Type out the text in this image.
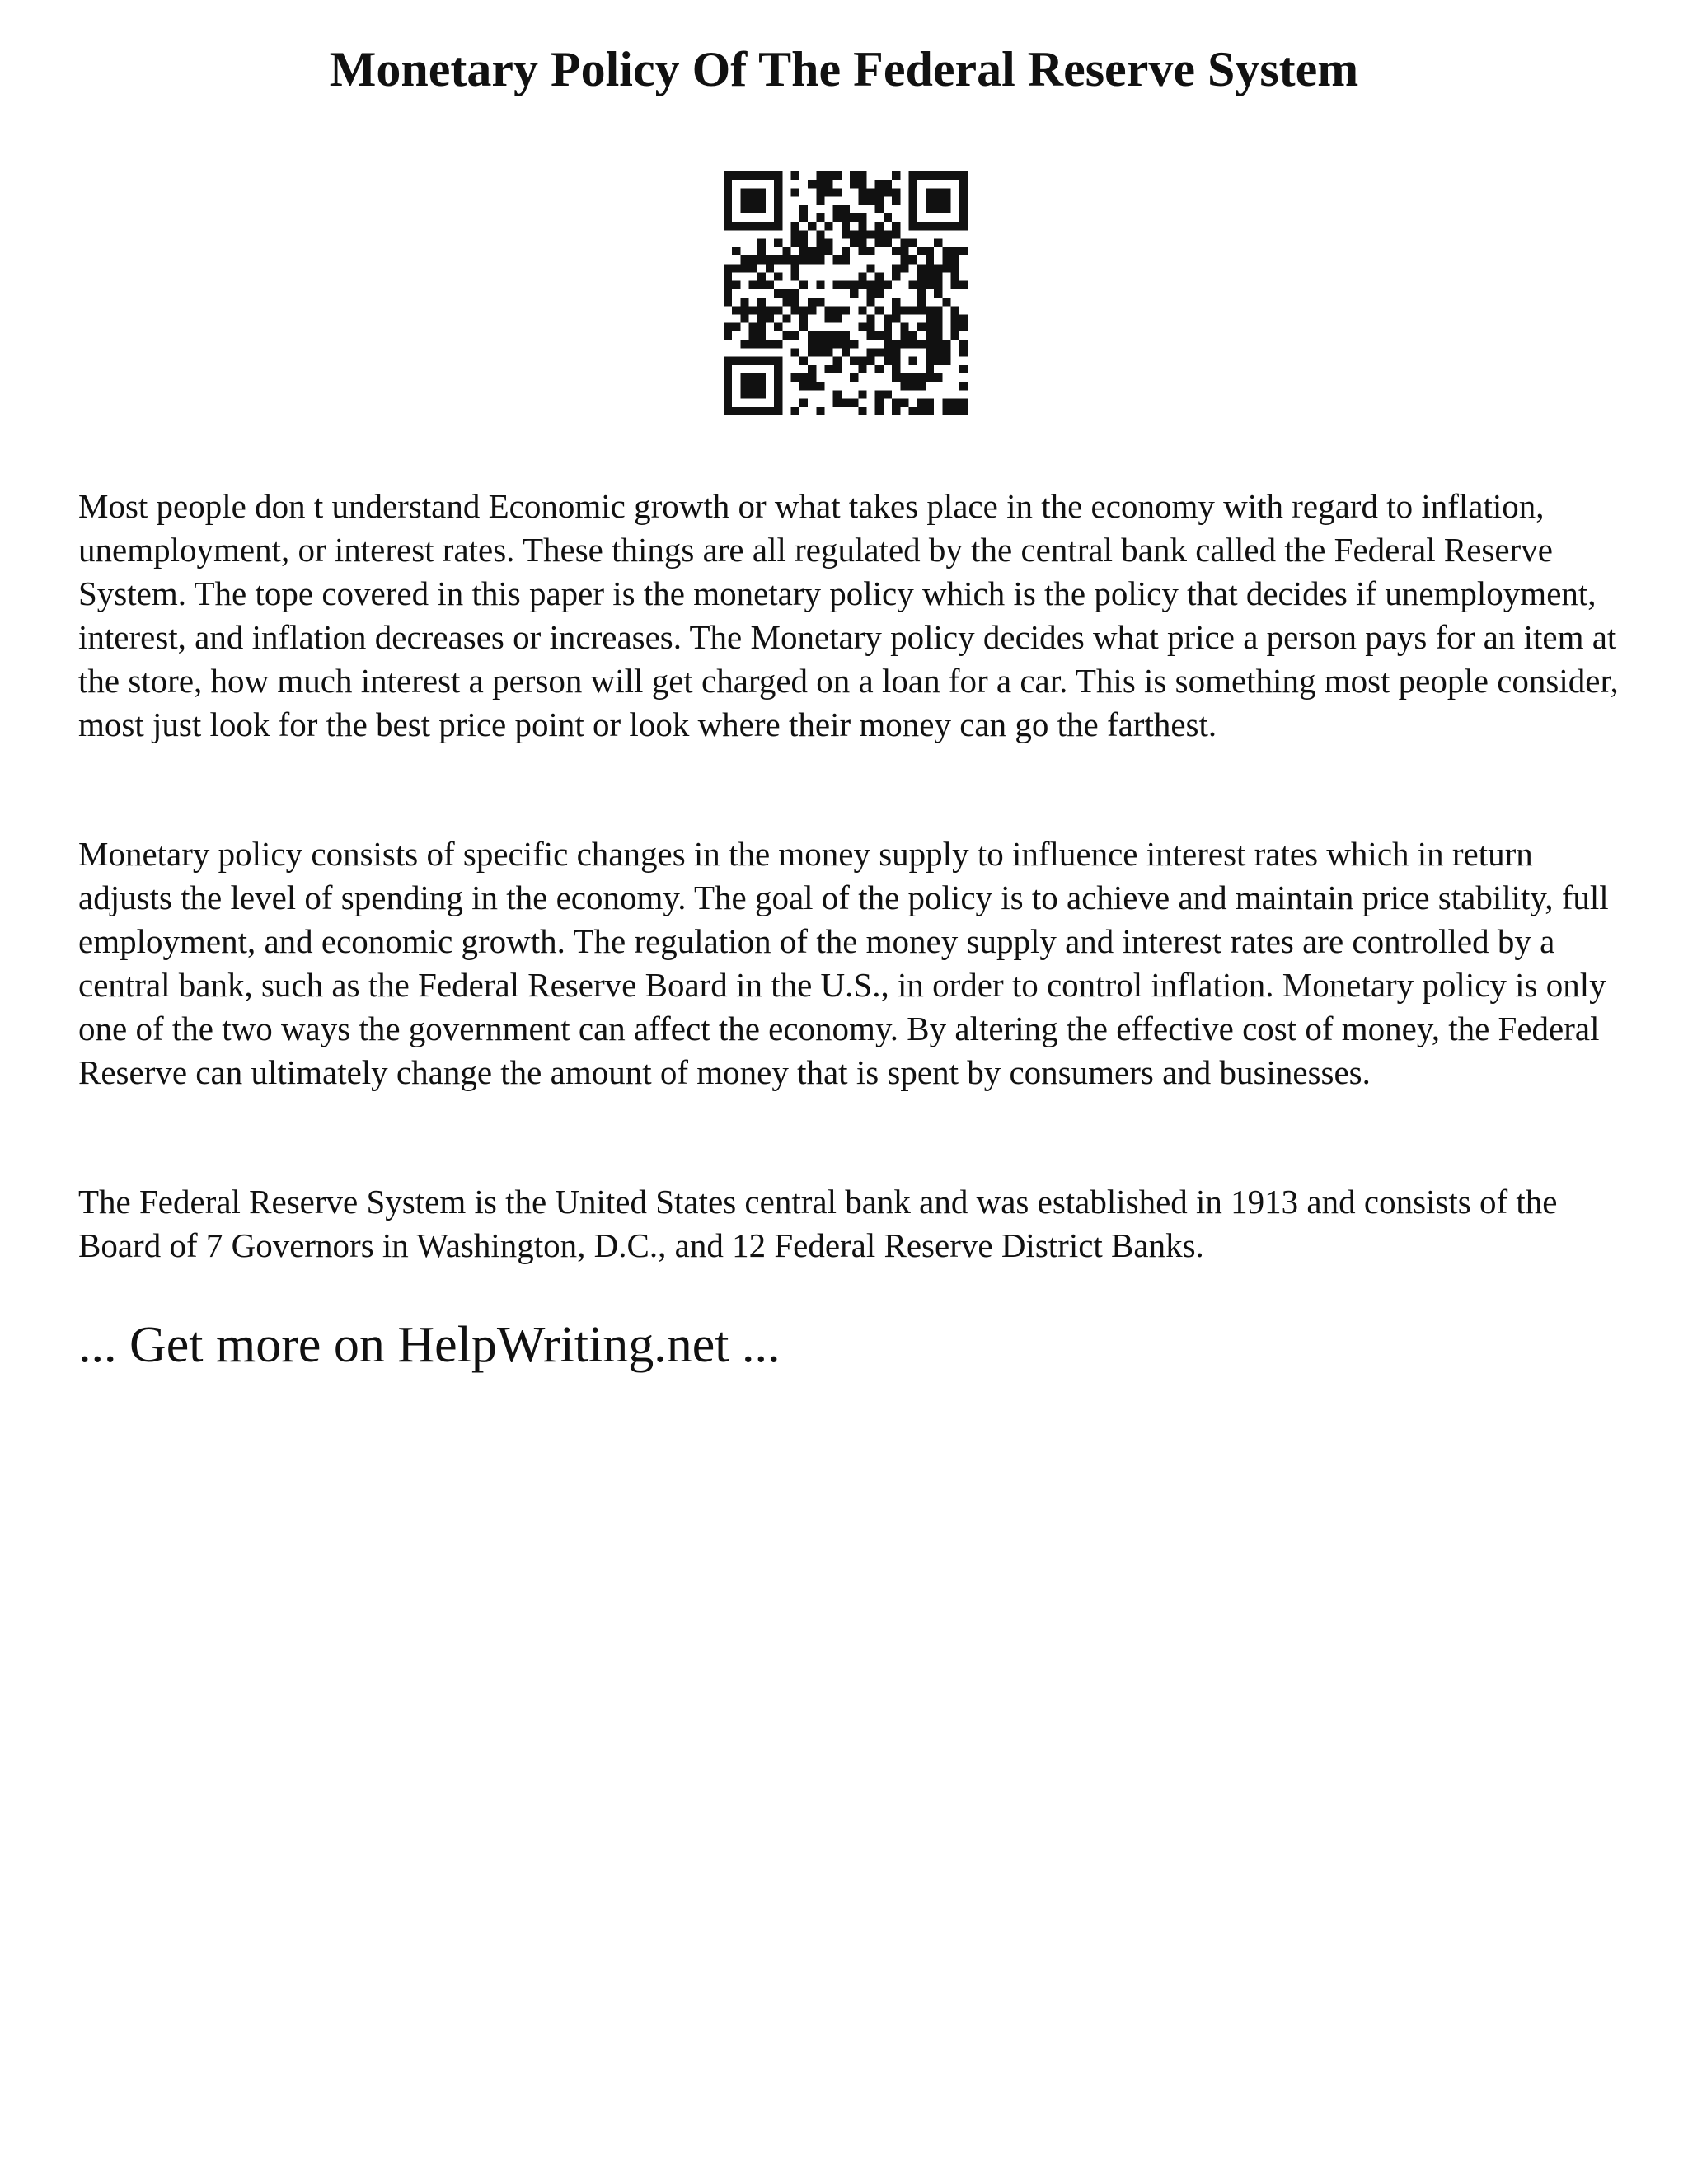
Monetary Policy Of The Federal Reserve System

Most people don t understand Economic growth or what takes place in the economy with regard to inflation, unemployment, or interest rates. These things are all regulated by the central bank called the Federal Reserve System. The tope covered in this paper is the monetary policy which is the policy that decides if unemployment, interest, and inflation decreases or increases. The Monetary policy decides what price a person pays for an item at the store, how much interest a person will get charged on a loan for a car. This is something most people consider, most just look for the best price point or look where their money can go the farthest.

Monetary policy consists of specific changes in the money supply to influence interest rates which in return adjusts the level of spending in the economy. The goal of the policy is to achieve and maintain price stability, full employment, and economic growth. The regulation of the money supply and interest rates are controlled by a central bank, such as the Federal Reserve Board in the U.S., in order to control inflation. Monetary policy is only one of the two ways the government can affect the economy. By altering the effective cost of money, the Federal Reserve can ultimately change the amount of money that is spent by consumers and businesses.

The Federal Reserve System is the United States central bank and was established in 1913 and consists of the Board of 7 Governors in Washington, D.C., and 12 Federal Reserve District Banks.

... Get more on HelpWriting.net ...
